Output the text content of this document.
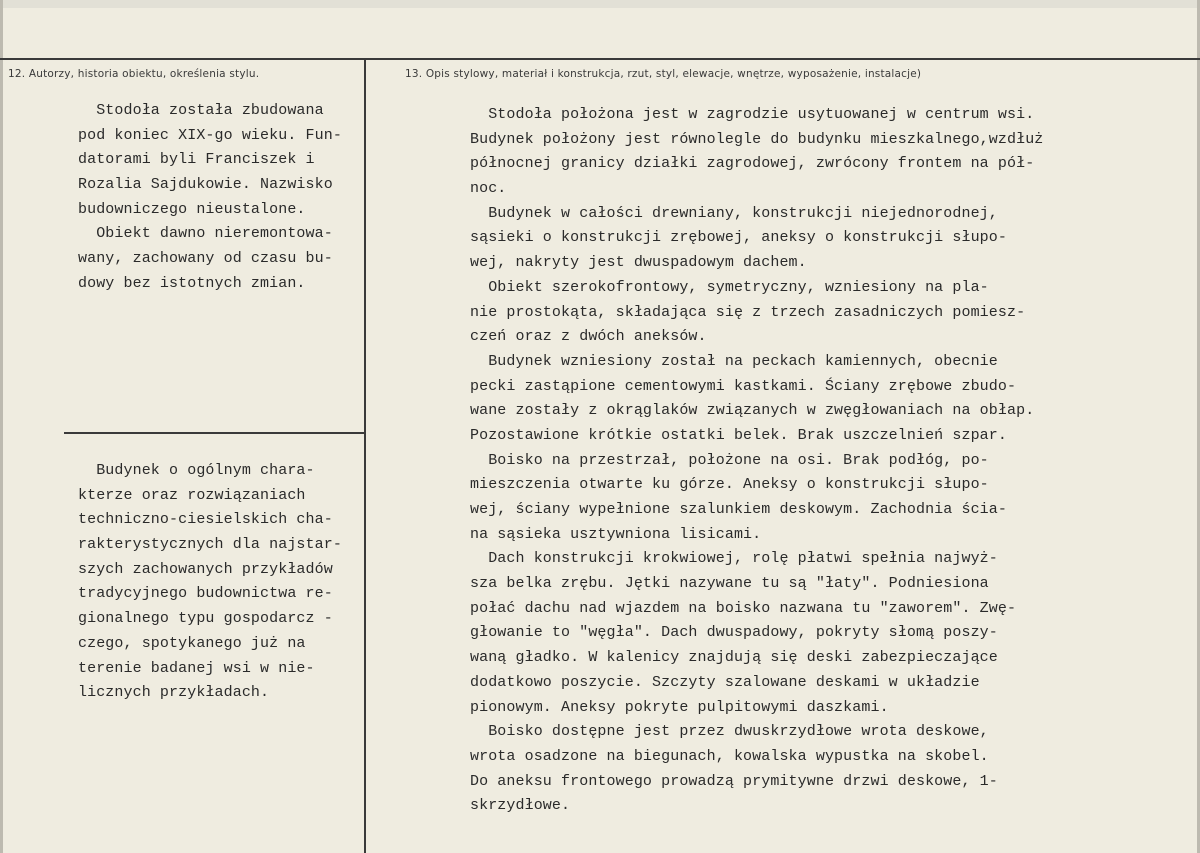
12. Autorzy, historia obiektu, określenia stylu.	13. Opis stylowy, materiał i konstrukcja, rzut, styl, elewacje, wnętrze, wyposażenie, instalacje)
Stodoła została zbudowana
pod koniec XIX-go wieku. Fun-
datorami byli Franciszek i
Rozalia Sajdukowie. Nazwisko
budowniczego nieustalone.
Obiekt dawno nieremontowa-
wany, zachowany od czasu bu-
dowy bez istotnych zmian.
Budynek o ogólnym chara-
kterze oraz rozwiązaniach
techniczno-ciesielskich cha-
rakterystycznych dla najstar-
szych zachowanych przykładów
tradycyjnego budownictwa re-
gionalnego typu gospodarcz -
czego, spotykanego już na
terenie badanej wsi w nie-
licznych przykładach.
Stodoła położona jest w zagrodzie usytuowanej w centrum wsi.
Budynek położony jest równolegle do budynku mieszkalnego,wzdłuż
północnej granicy działki zagrodowej, zwrócony frontem na pół-
noc.
Budynek w całości drewniany, konstrukcji niejednorodnej,
sąsieki o konstrukcji zrębowej, aneksy o konstrukcji słupo-
wej, nakryty jest dwuspadowym dachem.
Obiekt szerokofrontowy, symetryczny, wzniesiony na pla-
nie prostokąta, składająca się z trzech zasadniczych pomiesz-
czeń oraz z dwóch aneksów.
Budynek wzniesiony został na peckach kamiennych, obecnie
pecki zastąpione cementowymi kastkami. Ściany zrębowe zbudo-
wane zostały z okrąglaków związanych w zwęgłowaniach na obłap.
Pozostawione krótkie ostatki belek. Brak uszczelnień szpar.
Boisko na przestrzał, położone na osi. Brak podłóg, po-
mieszczenia otwarte ku górze. Aneksy o konstrukcji słupo-
wej, ściany wypełnione szalunkiem deskowym. Zachodnia ścia-
na sąsieka usztywniona lisicami.
Dach konstrukcji krokwiowej, rolę płatwi spełnia najwyż-
sza belka zrębu. Jętki nazywane tu są "łaty". Podniesiona
połać dachu nad wjazdem na boisko nazwana tu "zaworem". Zwę-
głowanie to "węgła". Dach dwuspadowy, pokryty słomą poszy-
waną gładko. W kalenicy znajdują się deski zabezpieczające
dodatkowo poszycie. Szczyty szalowane deskami w układzie
pionowym. Aneksy pokryte pulpitowymi daszkami.
Boisko dostępne jest przez dwuskrzydłowe wrota deskowe,
wrota osadzone na biegunach, kowalska wypustka na skobel.
Do aneksu frontowego prowadzą prymitywne drzwi deskowe, 1-
skrzydłowe.
